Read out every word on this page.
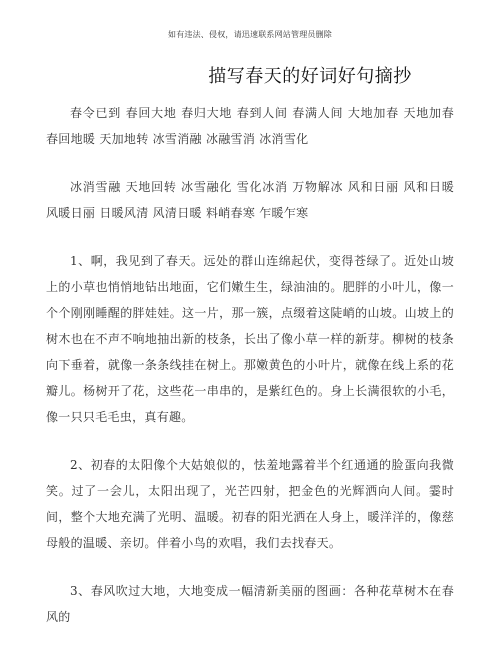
如有违法、侵权，请迅速联系网站管理员删除
描写春天的好词好句摘抄

春令已到 春回大地 春归大地 春到人间 春满人间 大地加春 天地加春 春回地暖 天加地转 冰雪消融 冰融雪消 冰消雪化

冰消雪融 天地回转 冰雪融化 雪化冰消 万物解冰 风和日丽 风和日暖 风暖日丽 日暖风清 风清日暖 料峭春寒 乍暖乍寒

1、啊，我见到了春天。远处的群山连绵起伏，变得苍绿了。近处山坡上的小草也悄悄地钻出地面，它们嫩生生，绿油油的。肥胖的小叶儿，像一个个刚刚睡醒的胖娃娃。这一片，那一簇，点缀着这陡峭的山坡。山坡上的树木也在不声不响地抽出新的枝条，长出了像小草一样的新芽。柳树的枝条向下垂着，就像一条条线挂在树上。那嫩黄色的小叶片，就像在线上系的花瓣儿。杨树开了花，这些花一串串的，是紫红色的。身上长满很软的小毛，像一只只毛毛虫，真有趣。

2、初春的太阳像个大姑娘似的，怯羞地露着半个红通通的脸蛋向我微笑。过了一会儿，太阳出现了，光芒四射，把金色的光辉洒向人间。霎时间，整个大地充满了光明、温暖。初春的阳光洒在人身上，暖洋洋的，像慈母般的温暖、亲切。伴着小鸟的欢唱，我们去找春天。

3、春风吹过大地，大地变成一幅清新美丽的图画：各种花草树木在春风的
